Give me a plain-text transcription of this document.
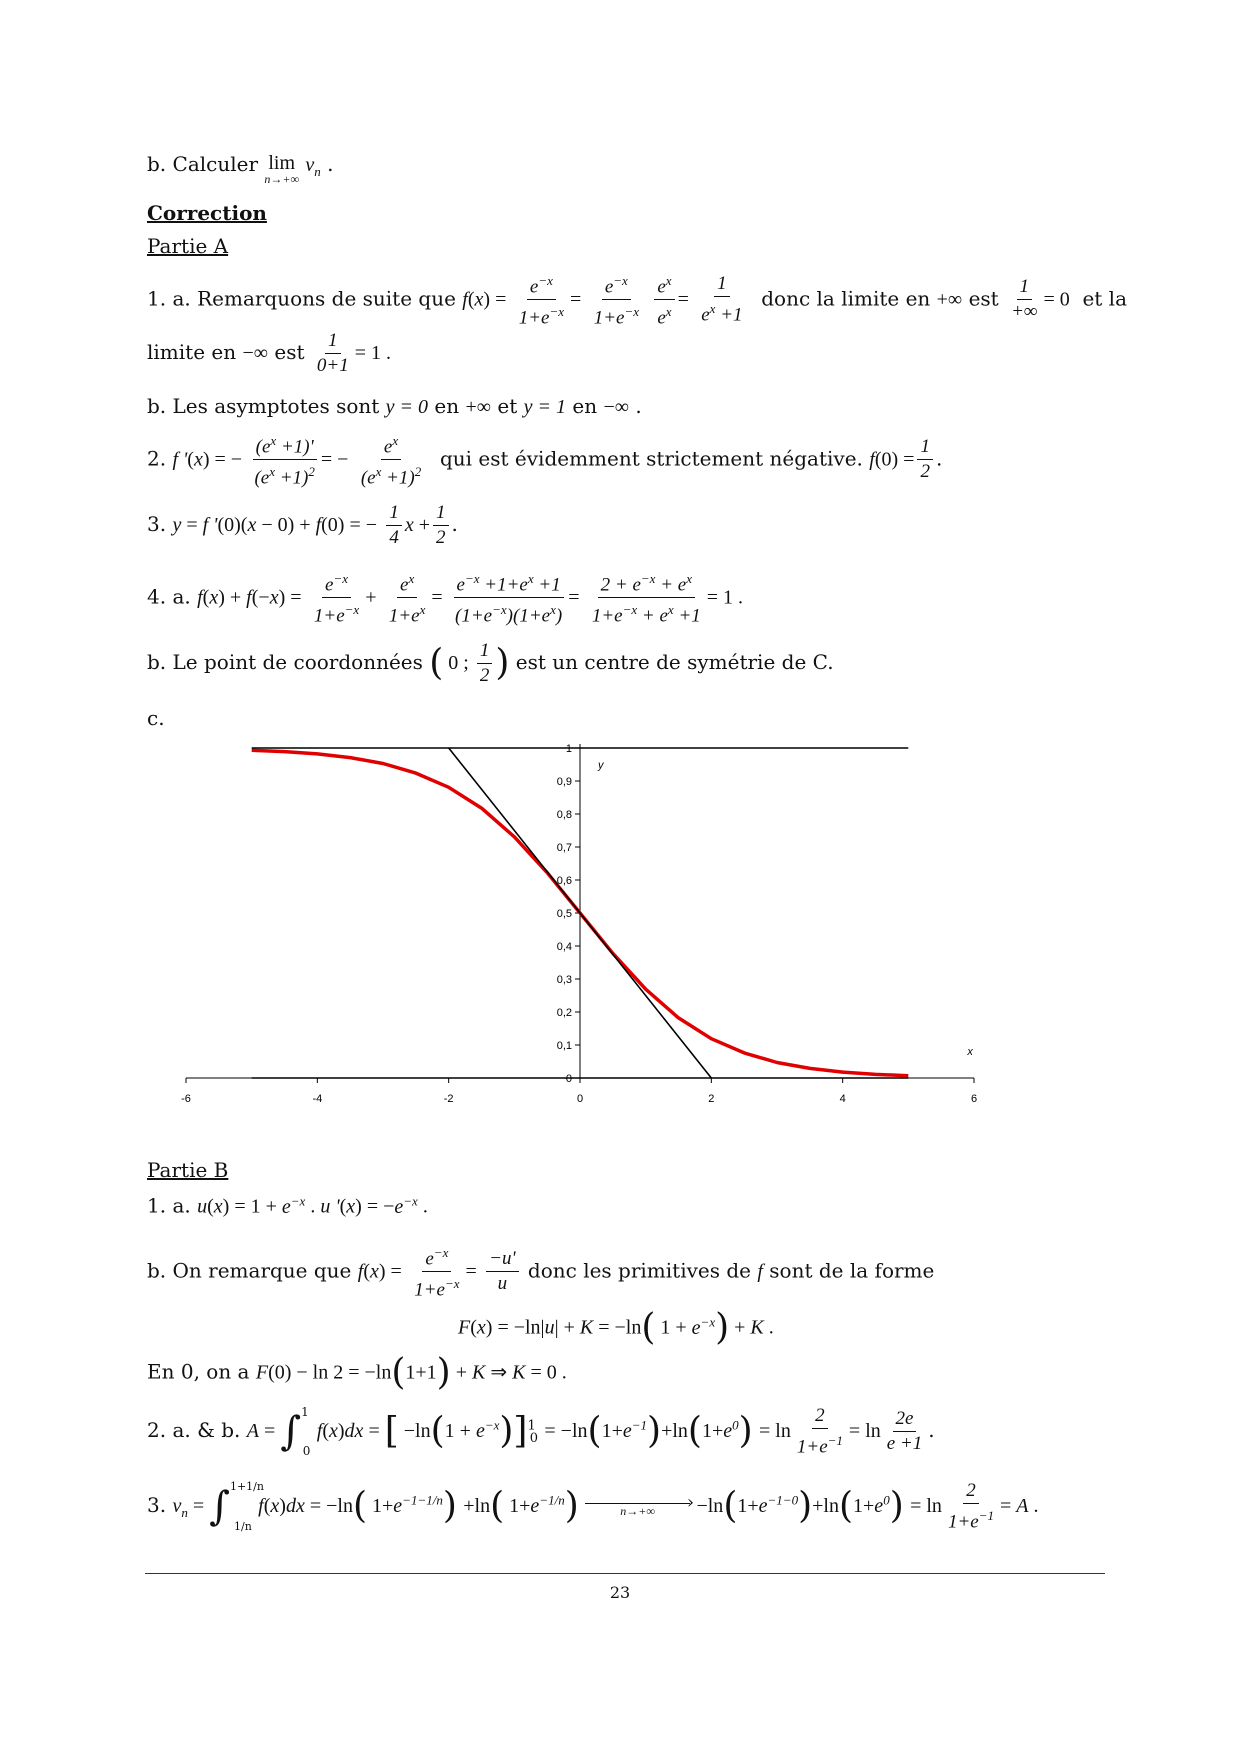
b. Calculer lim
n→+∞
$v_n$ .
Correction
Partie A
1. a. Remarquons de suite que $f(x) = \frac{e^{-x}}{1+e^{-x}} = \frac{e^{-x}}{1+e^{-x}}$
$\frac{e^x}{e^x} = \frac{1}{e^x +1}$ donc la limite en +∞ est $\frac{1}{+\infty} = 0$ et la
limite en −∞ est $\frac{1}{0+1} = 1$ .
b. Les asymptotes sont y = 0 en +∞ et y = 1 en −∞ .
2. f '(x) = − $\frac{(e^x +1)'}{(e^x +1)^2}$ = − $\frac{e^x}{(e^x +1)^2}$ qui est évidemment strictement négative. $f(0) = \frac{1}{2}$ .
3. y = f '(0)(x − 0) + f(0) = − $\frac{1}{4}$ $x + \frac{1}{2}$ .
4. a. $f(x) + f(-x) = \frac{e^{-x}}{1+e^{-x}} + \frac{e^x}{1+e^x} = \frac{e^{-x} +1+e^x +1}{(1+e^{-x})(1+e^x)} = \frac{2 + e^{-x} + e^x}{1+e^{-x} + e^x +1} = 1$ .
b. Le point de coordonnées ( 0 ; $\frac{1}{2}$ ) est un centre de symétrie de C.
c.
-6	-4	-2	0	2	4	6
0
0,1
0,2
0,3
0,4
0,5
0,6
0,7
0,8
0,9
1
y
x
Partie B
1. a. $u(x) = 1 + e^{-x}$ . u '$(x) = -e^{-x}$ .
b. On remarque que $f(x) = \frac{e^{-x}}{1+e^{-x}} = \frac{-u'}{u}$ donc les primitives de f sont de la forme
F(x) = −ln|u| + K = −ln( $1 + e^{-x}) + K$ .
En 0, on a F(0) − ln 2 = −ln(1+1) + K ⇒ K = 0 .
2. a. & b. A = ∫$^1$0 f(x)dx = [ $-\ln(1 + e^{-x})]^1_0 = -\ln(1+e^{-1})+\ln(1+e^0) = \ln \frac{2}{1+e^{-1}} = \ln \frac{2e}{e +1}$ .
3. $v_n = \int^{1+1/n}1/n$ f(x)dx = −ln( $1+e^{-1-1/n}) +\ln$( $1+e^{-1/n}$)
›	$n\to+\infty -\ln(1+e^{-1-0})+\ln(1+e^0) = \ln \frac{2}{1+e^{-1}} = A$ .
23
